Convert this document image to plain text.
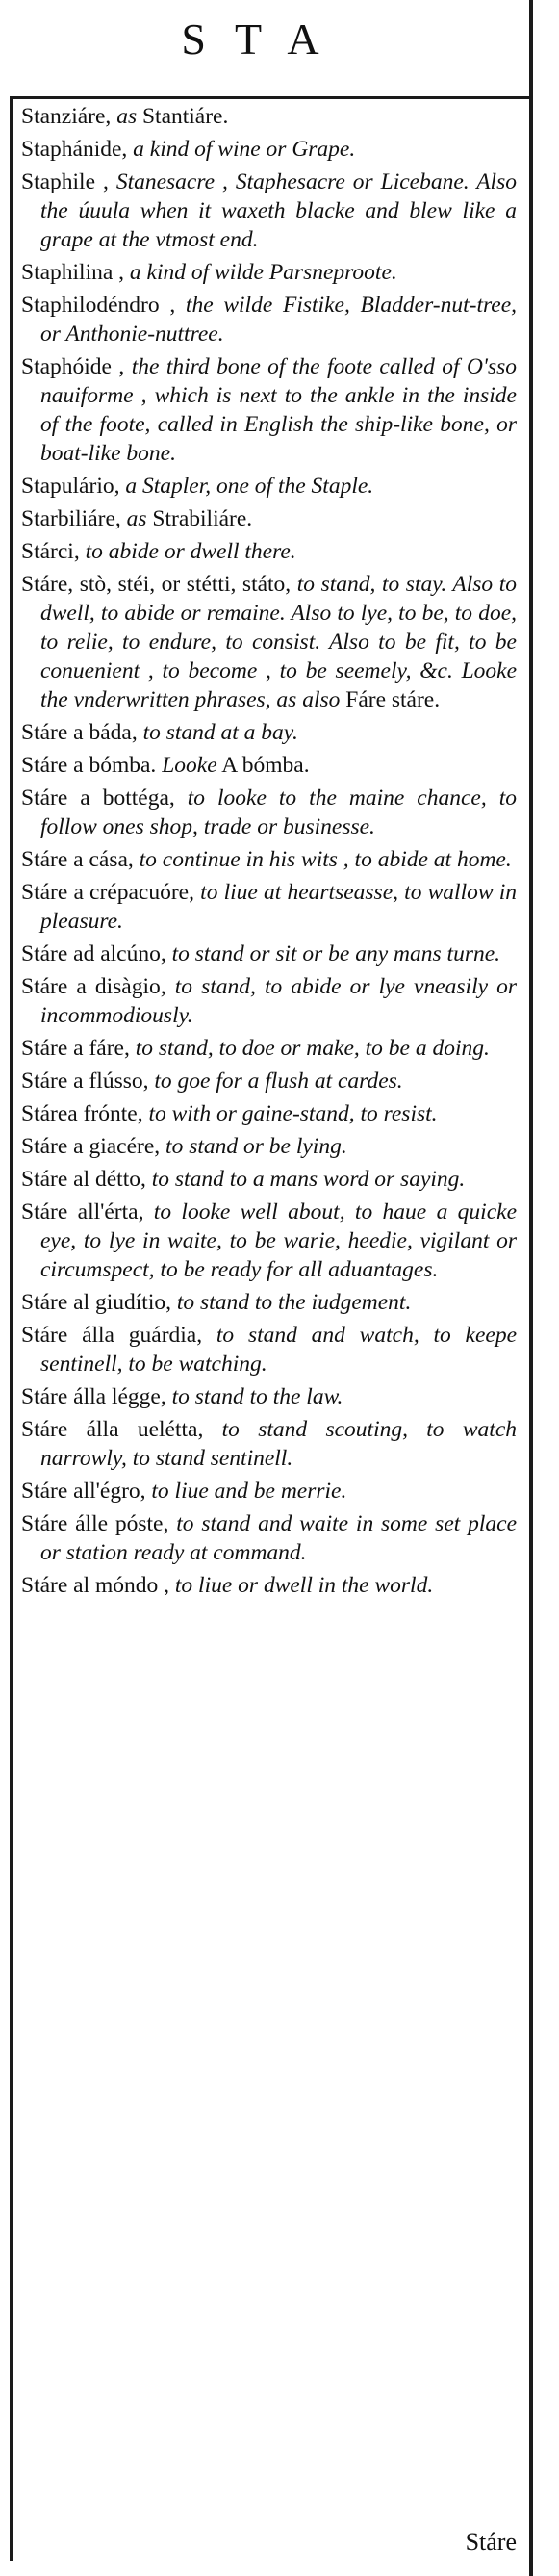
STA

Stanziáre, as Stantiáre.

Staphánide, a kind of wine or Grape.

Staphile , Stanesacre , Staphesacre or Licebane. Also the úuula when it waxeth blacke and blew like a grape at the vtmost end.

Staphilina , a kind of wilde Parsneproote.

Staphilodéndro , the wilde Fistike, Bladder-nut-tree, or Anthonie-nuttree.

Staphóide , the third bone of the foote called of O'sso nauiforme , which is next to the ankle in the inside of the foote, called in English the ship-like bone, or boat-like bone.

Stapulário, a Stapler, one of the Staple.

Starbiliáre, as Strabiliáre.

Stárci, to abide or dwell there.

Stáre, stò, stéi, or stétti, státo, to stand, to stay. Also to dwell, to abide or remaine. Also to lye, to be, to doe, to relie, to endure, to consist. Also to be fit, to be conuenient , to become , to be seemely, &c. Looke the vnderwritten phrases, as also Fáre stáre.

Stáre a báda, to stand at a bay.

Stáre a bómba. Looke A bómba.

Stáre a bottéga, to looke to the maine chance, to follow ones shop, trade or businesse.

Stáre a cása, to continue in his wits , to abide at home.

Stáre a crépacuóre, to liue at heartseasse, to wallow in pleasure.

Stáre ad alcúno, to stand or sit or be any mans turne.

Stáre a disàgio, to stand, to abide or lye vneasily or incommodiously.

Stáre a fáre, to stand, to doe or make, to be a doing.

Stáre a flússo, to goe for a flush at cardes.

Stárea frónte, to with or gaine-stand, to resist.

Stáre a giacére, to stand or be lying.

Stáre al détto, to stand to a mans word or saying.

Stáre all'érta, to looke well about, to haue a quicke eye, to lye in waite, to be warie, heedie, vigilant or circumspect, to be ready for all aduantages.

Stáre al giudítio, to stand to the iudgement.

Stáre álla guárdia, to stand and watch, to keepe sentinell, to be watching.

Stáre álla légge, to stand to the law.

Stáre álla uelétta, to stand scouting, to watch narrowly, to stand sentinell.

Stáre all'égro, to liue and be merrie.

Stáre álle póste, to stand and waite in some set place or station ready at command.

Stáre al móndo , to liue or dwell in the world.

Stáre
